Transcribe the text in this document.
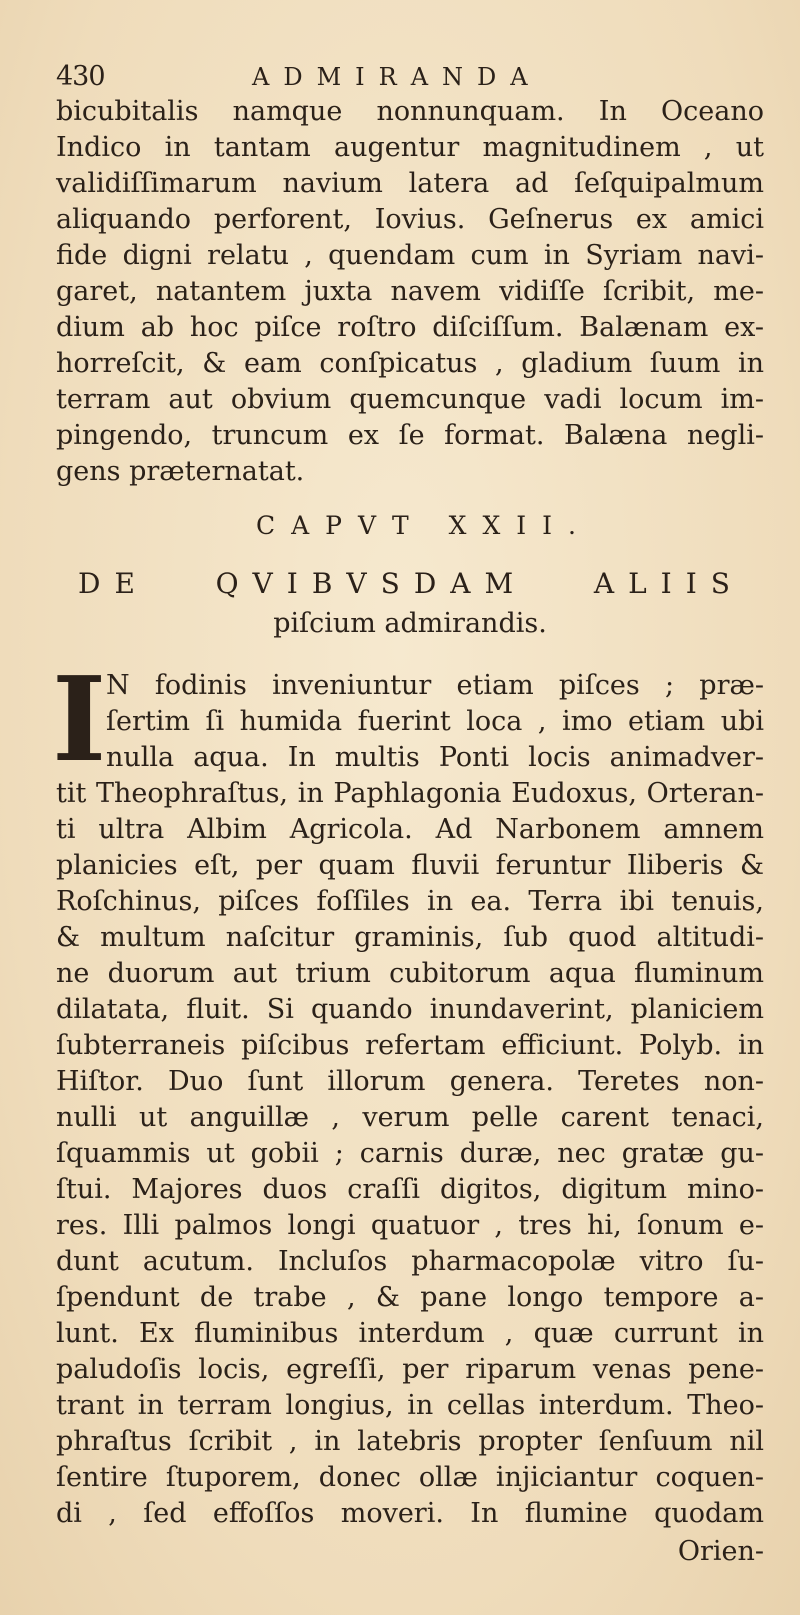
430	ADMIRANDA
bicubitalis namque nonnunquam. In Oceano
Indico in tantam augentur magnitudinem , ut
validiſſimarum navium latera ad ſeſquipalmum
aliquando perforent, Iovius. Geſnerus ex amici
fide digni relatu , quendam cum in Syriam navi-
garet, natantem juxta navem vidiſſe ſcribit, me-
dium ab hoc piſce roſtro diſciſſum. Balænam ex-
horreſcit, & eam conſpicatus , gladium ſuum in
terram aut obvium quemcunque vadi locum im-
pingendo, truncum ex ſe format. Balæna negli-
gens præternatat.
CAPVT XXII.
DE QVIBVSDAM ALIIS
piſcium admirandis.
I N fodinis inveniuntur etiam piſces ; præ-
ſertim ſi humida fuerint loca , imo etiam ubi
nulla aqua. In multis Ponti locis animadver-
tit Theophraſtus, in Paphlagonia Eudoxus, Orteran-
ti ultra Albim Agricola. Ad Narbonem amnem
planicies eſt, per quam fluvii feruntur Iliberis &
Roſchinus, piſces foſſiles in ea. Terra ibi tenuis,
& multum naſcitur graminis, ſub quod altitudi-
ne duorum aut trium cubitorum aqua fluminum
dilatata, fluit. Si quando inundaverint, planiciem
ſubterraneis piſcibus refertam efficiunt. Polyb. in
Hiſtor. Duo ſunt illorum genera. Teretes non-
nulli ut anguillæ , verum pelle carent tenaci,
ſquammis ut gobii ; carnis duræ, nec gratæ gu-
ſtui. Majores duos craſſi digitos, digitum mino-
res. Illi palmos longi quatuor , tres hi, ſonum e-
dunt acutum. Incluſos pharmacopolæ vitro ſu-
ſpendunt de trabe , & pane longo tempore a-
lunt. Ex fluminibus interdum , quæ currunt in
paludoſis locis, egreſſi, per riparum venas pene-
trant in terram longius, in cellas interdum. Theo-
phraſtus ſcribit , in latebris propter ſenſuum nil
ſentire ſtuporem, donec ollæ injiciantur coquen-
di , ſed effoſſos moveri. In flumine quodam
Orien-
